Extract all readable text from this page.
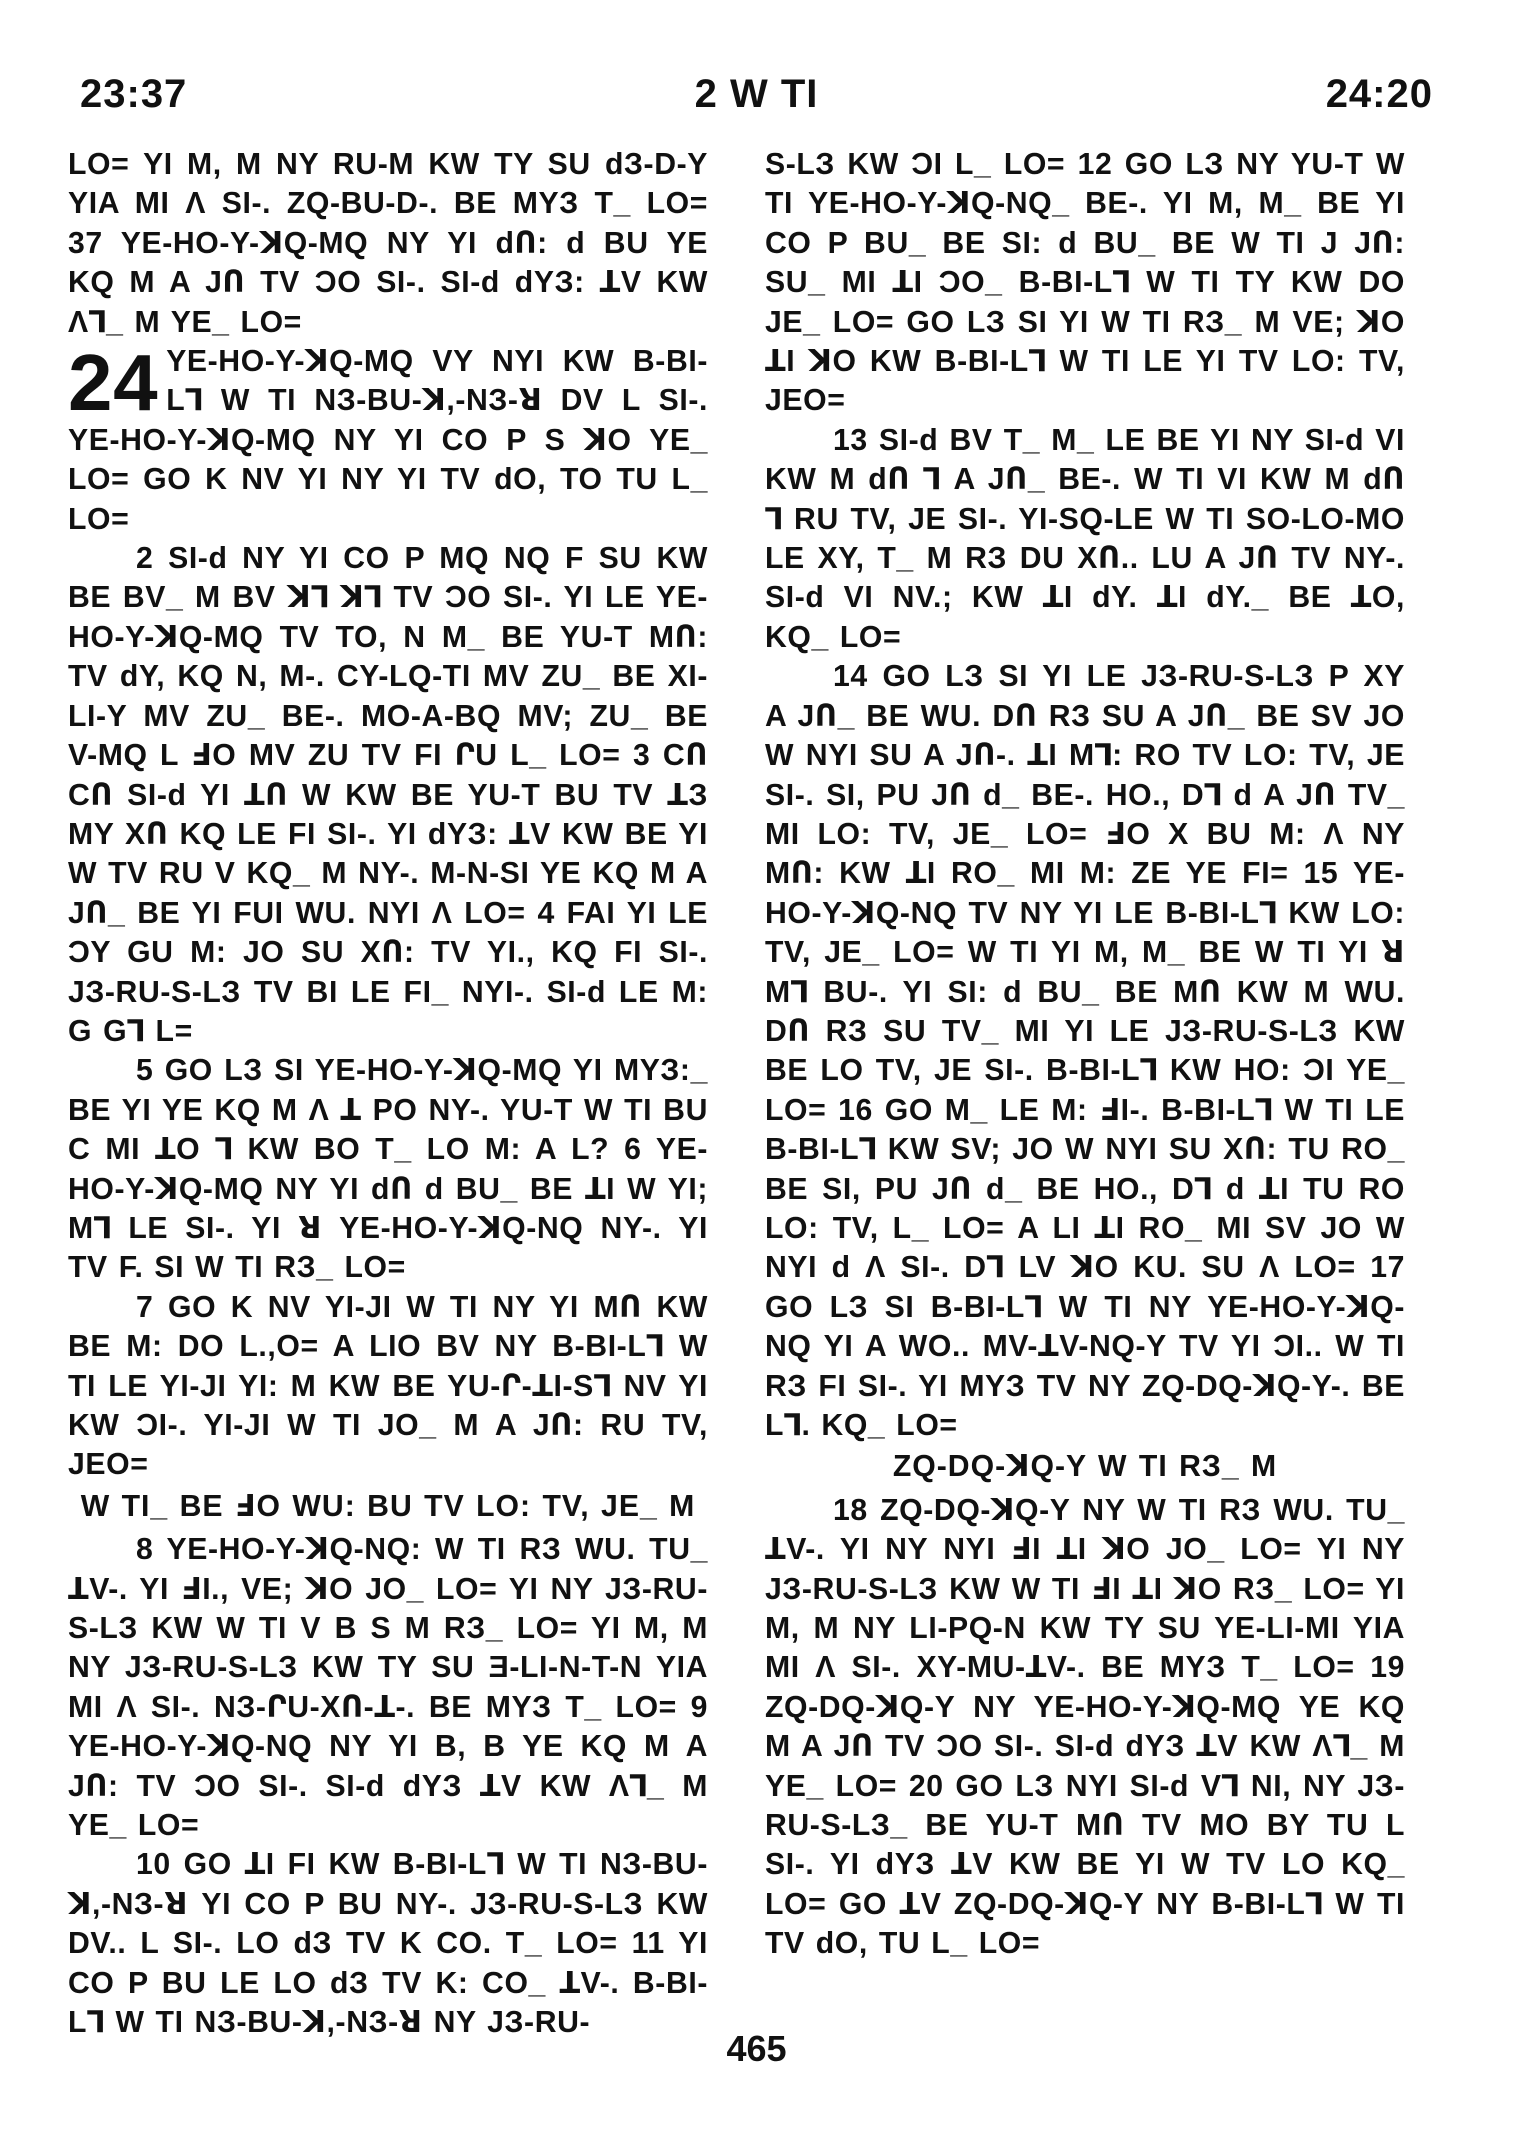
23:37	2 W TI	24:20

LO= YI M, M NY RU-M KW TY SU dЗ-D-Y YIA MI Λ SI-. ZQ-BU-D-. BE MYЗ T_ LO= 37 YE-HO-Y-ꓘQ-MQ NY YI dՈ: d BU YE KQ M A JՈ TV ƆO SI-. SI-d dYЗ: ꓕV KW Λꓶ_ M YE_ LO=

24 YE-HO-Y-ꓘQ-MQ VY NYI KW B-BI-Lꓶ W TI NЗ-BU-ꓘ,-NЗ-ꓤ DV L SI-. YE-HO-Y-ꓘQ-MQ NY YI CO P S ꓘO YE_ LO= GO K NV YI NY YI TV dO, TO TU L_ LO=

2 SI-d NY YI CO P MQ NQ F SU KW BE BV_ M BV ꓘꓶ ꓘꓶ TV ƆO SI-. YI LE YE-HO-Y-ꓘQ-MQ TV TO, N M_ BE YU-T MՈ: TV dY, KQ N, M-. CY-LQ-TI MV ZU_ BE XI-LI-Y MV ZU_ BE-. MO-A-BQ MV; ZU_ BE V-MQ L ꓞO MV ZU TV FI ՐU L_ LO= 3 CՈ CՈ SI-d YI ꓕՈ W KW BE YU-T BU TV ꓕЗ MY XՈ KQ LE FI SI-. YI dYЗ: ꓕV KW BE YI W TV RU V KQ_ M NY-. M-N-SI YE KQ M A JՈ_ BE YI FUI WU. NYI Λ LO= 4 FAI YI LE ƆY GU M: JO SU XՈ: TV YI., KQ FI SI-. JЗ-RU-S-LЗ TV BI LE FI_ NYI-. SI-d LE M: G Gꓶ L=

5 GO LЗ SI YE-HO-Y-ꓘQ-MQ YI MYЗ:_ BE YI YE KQ M Λ ꓕ PO NY-. YU-T W TI BU C MI ꓕO ꓶ KW BO T_ LO M: A L? 6 YE-HO-Y-ꓘQ-MQ NY YI dՈ d BU_ BE ꓕI W YI; Mꓶ LE SI-. YI ꓤ YE-HO-Y-ꓘQ-NQ NY-. YI TV F. SI W TI RЗ_ LO=

7 GO K NV YI-JI W TI NY YI MՈ KW BE M: DO L.,O= A LIO BV NY B-BI-Lꓶ W TI LE YI-JI YI: M KW BE YU-Ր-ꓕI-Sꓶ NV YI KW ƆI-. YI-JI W TI JO_ M A JՈ: RU TV, JEO=

W TI_ BE ꓞO WU: BU TV LO: TV, JE_ M

8 YE-HO-Y-ꓘQ-NQ: W TI RЗ WU. TU_ ꓕV-. YI ꓞI., VE; ꓘO JO_ LO= YI NY JЗ-RU-S-LЗ KW W TI V B S M RЗ_ LO= YI M, M NY JЗ-RU-S-LЗ KW TY SU Ǝ-LI-N-T-N YIA MI Λ SI-. NЗ-ՐU-XՈ-ꓕ-. BE MYЗ T_ LO= 9 YE-HO-Y-ꓘQ-NQ NY YI B, B YE KQ M A JՈ: TV ƆO SI-. SI-d dYЗ ꓕV KW Λꓶ_ M YE_ LO=

10 GO ꓕI FI KW B-BI-Lꓶ W TI NЗ-BU-ꓘ,-NЗ-ꓤ YI CO P BU NY-. JЗ-RU-S-LЗ KW DV.. L SI-. LO dЗ TV K CO. T_ LO= 11 YI CO P BU LE LO dЗ TV K: CO_ ꓕV-. B-BI-Lꓶ W TI NЗ-BU-ꓘ,-NЗ-ꓤ NY JЗ-RU-

S-LЗ KW ƆI L_ LO= 12 GO LЗ NY YU-T W TI YE-HO-Y-ꓘQ-NQ_ BE-. YI M, M_ BE YI CO P BU_ BE SI: d BU_ BE W TI J JՈ: SU_ MI ꓕI ƆO_ B-BI-Lꓶ W TI TY KW DO JE_ LO= GO LЗ SI YI W TI RЗ_ M VE; ꓘO ꓕI ꓘO KW B-BI-Lꓶ W TI LE YI TV LO: TV, JEO=

13 SI-d BV T_ M_ LE BE YI NY SI-d VI KW M dՈ ꓶ A JՈ_ BE-. W TI VI KW M dՈ ꓶ RU TV, JE SI-. YI-SQ-LE W TI SO-LO-MO LE XY, T_ M RЗ DU XՈ.. LU A JՈ TV NY-. SI-d VI NV.; KW ꓕI dY. ꓕI dY._ BE ꓕO, KQ_ LO=

14 GO LЗ SI YI LE JЗ-RU-S-LЗ P XY A JՈ_ BE WU. DՈ RЗ SU A JՈ_ BE SV JO W NYI SU A JՈ-. ꓕI Mꓶ: RO TV LO: TV, JE SI-. SI, PU JՈ d_ BE-. HO., Dꓶ d A JՈ TV_ MI LO: TV, JE_ LO= ꓞO X BU M: Λ NY MՈ: KW ꓕI RO_ MI M: ZE YE FI= 15 YE-HO-Y-ꓘQ-NQ TV NY YI LE B-BI-Lꓶ KW LO: TV, JE_ LO= W TI YI M, M_ BE W TI YI ꓤ Mꓶ BU-. YI SI: d BU_ BE MՈ KW M WU. DՈ RЗ SU TV_ MI YI LE JЗ-RU-S-LЗ KW BE LO TV, JE SI-. B-BI-Lꓶ KW HO: ƆI YE_ LO= 16 GO M_ LE M: ꓞI-. B-BI-Lꓶ W TI LE B-BI-Lꓶ KW SV; JO W NYI SU XՈ: TU RO_ BE SI, PU JՈ d_ BE HO., Dꓶ d ꓕI TU RO LO: TV, L_ LO= A LI ꓕI RO_ MI SV JO W NYI d Λ SI-. Dꓶ LV ꓘO KU. SU Λ LO= 17 GO LЗ SI B-BI-Lꓶ W TI NY YE-HO-Y-ꓘQ-NQ YI A WO.. MV-ꓕV-NQ-Y TV YI ƆI.. W TI RЗ FI SI-. YI MYЗ TV NY ZQ-DQ-ꓘQ-Y-. BE Lꓶ. KQ_ LO=

ZQ-DQ-ꓘQ-Y W TI RЗ_ M

18 ZQ-DQ-ꓘQ-Y NY W TI RЗ WU. TU_ ꓕV-. YI NY NYI ꓞI ꓕI ꓘO JO_ LO= YI NY JЗ-RU-S-LЗ KW W TI ꓞI ꓕI ꓘO RЗ_ LO= YI M, M NY LI-PQ-N KW TY SU YE-LI-MI YIA MI Λ SI-. XY-MU-ꓕV-. BE MYЗ T_ LO= 19 ZQ-DQ-ꓘQ-Y NY YE-HO-Y-ꓘQ-MQ YE KQ M A JՈ TV ƆO SI-. SI-d dYЗ ꓕV KW Λꓶ_ M YE_ LO= 20 GO LЗ NYI SI-d Vꓶ NI, NY JЗ-RU-S-LЗ_ BE YU-T MՈ TV MO BY TU L SI-. YI dYЗ ꓕV KW BE YI W TV LO KQ_ LO= GO ꓕV ZQ-DQ-ꓘQ-Y NY B-BI-Lꓶ W TI TV dO, TU L_ LO=

465
